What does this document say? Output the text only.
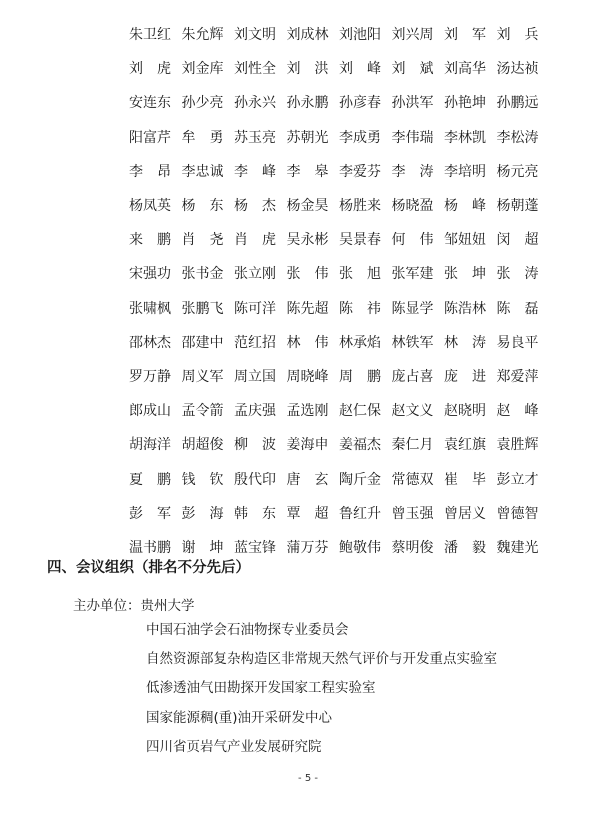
朱卫红 朱允辉 刘文明 刘成林 刘池阳 刘兴周 刘　军 刘　兵
刘　虎 刘金库 刘性全 刘　洪 刘　峰 刘　斌 刘高华 汤达祯
安连东 孙少亮 孙永兴 孙永鹏 孙彦春 孙洪军 孙艳坤 孙鹏远
阳富芹 牟　勇 苏玉亮 苏朝光 李成勇 李伟瑞 李林凯 李松涛
李　昂 李忠诚 李　峰 李　皋 李爱芬 李　涛 李培明 杨元亮
杨凤英 杨　东 杨　杰 杨金昊 杨胜来 杨晓盈 杨　峰 杨朝蓬
来　鹏 肖　尧 肖　虎 吴永彬 吴景春 何　伟 邹妞妞 闵　超
宋强功 张书金 张立刚 张　伟 张　旭 张军建 张　坤 张　涛
张啸枫 张鹏飞 陈可洋 陈先超 陈　祎 陈显学 陈浩林 陈　磊
邵林杰 邵建中 范红招 林　伟 林承焰 林铁军 林　涛 易良平
罗万静 周义军 周立国 周晓峰 周　鹏 庞占喜 庞　进 郑爱萍
郎成山 孟令箭 孟庆强 孟选刚 赵仁保 赵文义 赵晓明 赵　峰
胡海洋 胡超俊 柳　波 姜海申 姜福杰 秦仁月 袁红旗 袁胜辉
夏　鹏 钱　钦 殷代印 唐　玄 陶斤金 常德双 崔　毕 彭立才
彭　军 彭　海 韩　东 覃　超 鲁红升 曾玉强 曾居义 曾德智
温书鹏 谢　坤 蓝宝锋 蒲万芬 鲍敬伟 蔡明俊 潘　毅 魏建光
四、会议组织（排名不分先后）
主办单位：贵州大学
中国石油学会石油物探专业委员会
自然资源部复杂构造区非常规天然气评价与开发重点实验室
低渗透油气田勘探开发国家工程实验室
国家能源稠(重)油开采研发中心
四川省页岩气产业发展研究院
- 5 -
